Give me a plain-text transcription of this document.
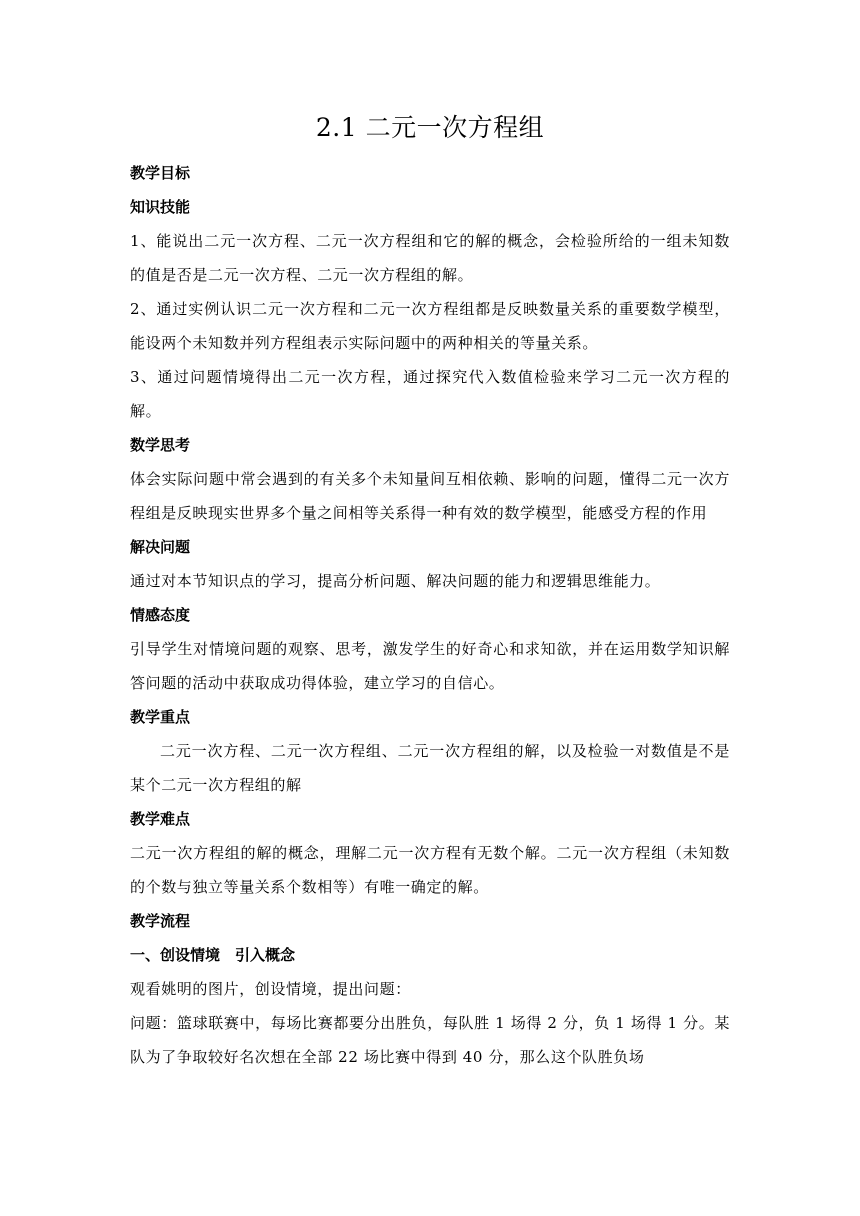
2.1 二元一次方程组
教学目标
知识技能

1、能说出二元一次方程、二元一次方程组和它的解的概念，会检验所给的一组未知数的值是否是二元一次方程、二元一次方程组的解。

2、通过实例认识二元一次方程和二元一次方程组都是反映数量关系的重要数学模型，能设两个未知数并列方程组表示实际问题中的两种相关的等量关系。

3、通过问题情境得出二元一次方程，通过探究代入数值检验来学习二元一次方程的解。

数学思考

体会实际问题中常会遇到的有关多个未知量间互相依赖、影响的问题，懂得二元一次方程组是反映现实世界多个量之间相等关系得一种有效的数学模型，能感受方程的作用

解决问题

通过对本节知识点的学习，提高分析问题、解决问题的能力和逻辑思维能力。

情感态度

引导学生对情境问题的观察、思考，激发学生的好奇心和求知欲，并在运用数学知识解答问题的活动中获取成功得体验，建立学习的自信心。

教学重点

二元一次方程、二元一次方程组、二元一次方程组的解，以及检验一对数值是不是某个二元一次方程组的解

教学难点

二元一次方程组的解的概念，理解二元一次方程有无数个解。二元一次方程组（未知数的个数与独立等量关系个数相等）有唯一确定的解。

教学流程
一、创设情境　引入概念

观看姚明的图片，创设情境，提出问题：

问题：篮球联赛中，每场比赛都要分出胜负，每队胜 1 场得 2 分，负 1 场得 1 分。某队为了争取较好名次想在全部 22 场比赛中得到 40 分，那么这个队胜负场
